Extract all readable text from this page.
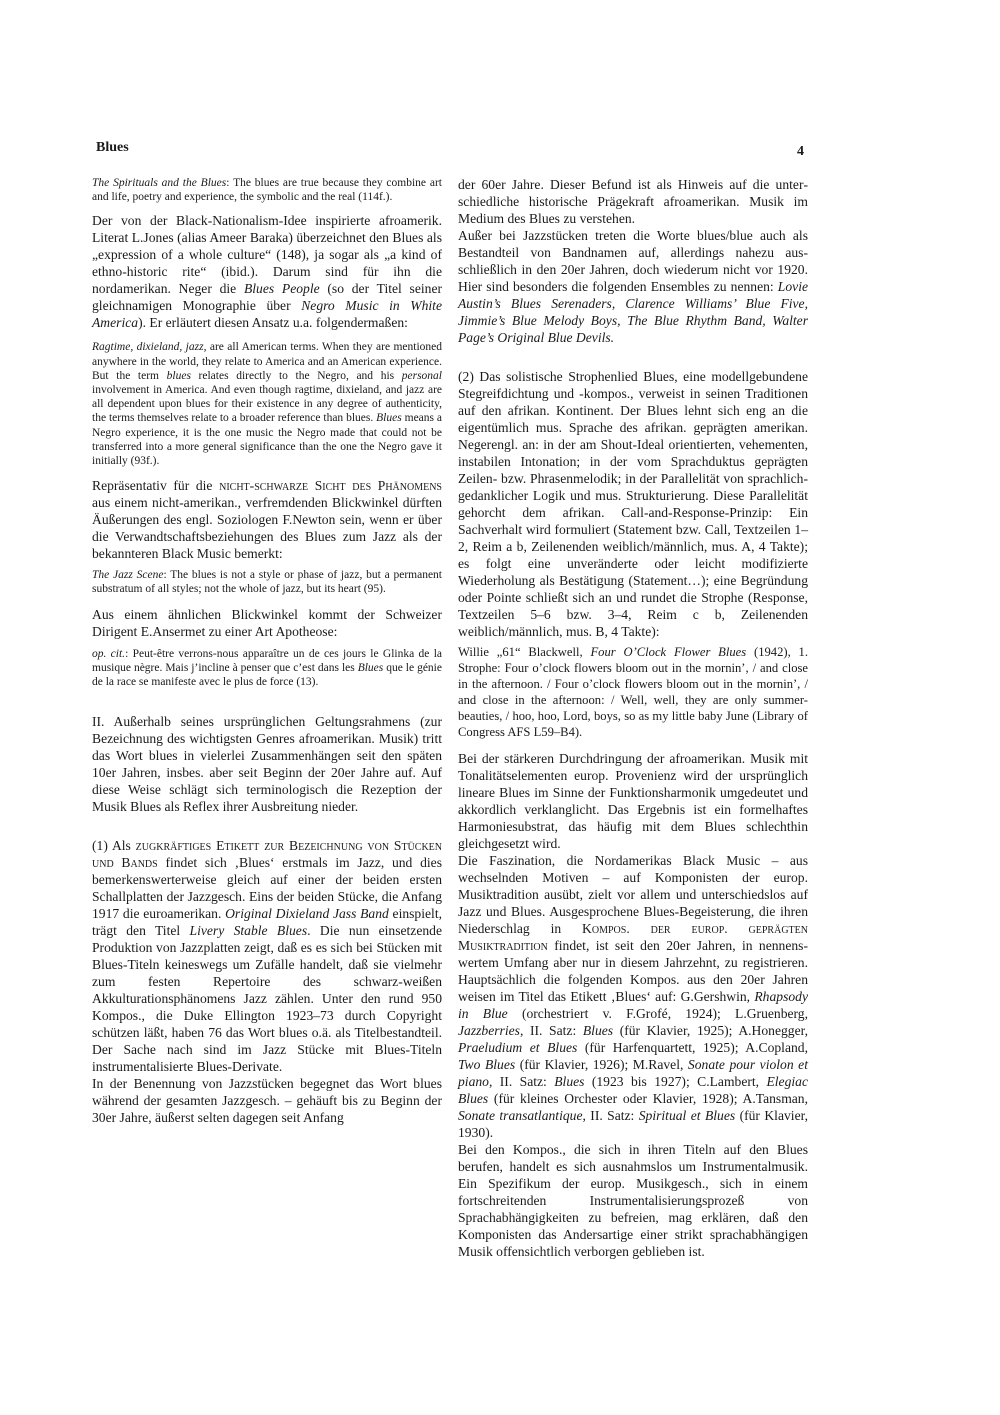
Blues	4

The Spirituals and the Blues: The blues are true because they combine art and life, poetry and experience, the symbolic and the real (114f.).

Der von der Black-Nationalism-Idee inspirierte afroamerik. Literat L.Jones (alias Ameer Baraka) überzeichnet den Blues als „expression of a whole culture“ (148), ja sogar als „a kind of ethno-historic rite“ (ibid.). Darum sind für ihn die nordamerikan. Neger die Blues People (so der Titel seiner gleichnamigen Monographie über Negro Music in White America). Er erläutert diesen Ansatz u.a. folgendermaßen:

Ragtime, dixieland, jazz, are all American terms. When they are mentioned anywhere in the world, they relate to America and an American experience. But the term blues relates directly to the Negro, and his personal involvement in America. And even though ragtime, dixieland, and jazz are all dependent upon blues for their existence in any degree of authenticity, the terms themselves relate to a broader reference than blues. Blues means a Negro experience, it is the one music the Negro made that could not be transferred into a more general significance than the one the Negro gave it initially (93f.).

Repräsentativ für die nicht-schwarze Sicht des Phänomens aus einem nicht-amerikan., verfremdenden Blickwinkel dürften Äußerungen des engl. Soziologen F.Newton sein, wenn er über die Verwandtschaftsbeziehungen des Blues zum Jazz als der bekannteren Black Music bemerkt:

The Jazz Scene: The blues is not a style or phase of jazz, but a permanent substratum of all styles; not the whole of jazz, but its heart (95).

Aus einem ähnlichen Blickwinkel kommt der Schweizer Dirigent E.Ansermet zu einer Art Apotheose:

op. cit.: Peut-être verrons-nous apparaître un de ces jours le Glinka de la musique nègre. Mais j’incline à penser que c’est dans les Blues que le génie de la race se manifeste avec le plus de force (13).

II. Außerhalb seines ursprünglichen Geltungsrahmens (zur Bezeichnung des wichtigsten Genres afroamerikan. Musik) tritt das Wort blues in vielerlei Zusammenhängen seit den späten 10er Jahren, insbes. aber seit Beginn der 20er Jahre auf. Auf diese Weise schlägt sich terminologisch die Rezeption der Musik Blues als Reflex ihrer Ausbreitung nieder.

(1) Als zugkräftiges Etikett zur Bezeichnung von Stücken und Bands findet sich ‚Blues‘ erstmals im Jazz, und dies bemerkenswerterweise gleich auf einer der beiden ersten Schallplatten der Jazzgesch. Eins der beiden Stücke, die Anfang 1917 die euroamerikan. Original Dixieland Jass Band einspielt, trägt den Titel Livery Stable Blues. Die nun einsetzende Produktion von Jazzplatten zeigt, daß es es sich bei Stücken mit Blues-Titeln keineswegs um Zufälle handelt, daß sie vielmehr zum festen Repertoire des schwarz-weißen Akkulturationsphänomens Jazz zählen. Unter den rund 950 Kompos., die Duke Ellington 1923–73 durch Copyright schützen läßt, haben 76 das Wort blues o.ä. als Titelbestandteil. Der Sache nach sind im Jazz Stücke mit Blues-Titeln instrumentalisierte Blues-Derivate.

In der Benennung von Jazzstücken begegnet das Wort blues während der gesamten Jazzgesch. – gehäuft bis zu Beginn der 30er Jahre, äußerst selten dagegen seit Anfang

der 60er Jahre. Dieser Befund ist als Hinweis auf die unterschiedliche historische Prägekraft afroamerikan. Musik im Medium des Blues zu verstehen.

Außer bei Jazzstücken treten die Worte blues/blue auch als Bestandteil von Bandnamen auf, allerdings nahezu ausschließlich in den 20er Jahren, doch wiederum nicht vor 1920. Hier sind besonders die folgenden Ensembles zu nennen: Lovie Austin’s Blues Serenaders, Clarence Williams’ Blue Five, Jimmie’s Blue Melody Boys, The Blue Rhythm Band, Walter Page’s Original Blue Devils.

(2) Das solistische Strophenlied Blues, eine modellgebundene Stegreifdichtung und -kompos., verweist in seinen Traditionen auf den afrikan. Kontinent. Der Blues lehnt sich eng an die eigentümlich mus. Sprache des afrikan. geprägten amerikan. Negerengl. an: in der am Shout-Ideal orientierten, vehementen, instabilen Intonation; in der vom Sprachduktus geprägten Zeilen- bzw. Phrasenmelodik; in der Parallelität von sprachlich-gedanklicher Logik und mus. Strukturierung. Diese Parallelität gehorcht dem afrikan. Call-and-Response-Prinzip: Ein Sachverhalt wird formuliert (Statement bzw. Call, Textzeilen 1–2, Reim a b, Zeilenenden weiblich/männlich, mus. A, 4 Takte); es folgt eine unveränderte oder leicht modifizierte Wiederholung als Bestätigung (Statement…); eine Begründung oder Pointe schließt sich an und rundet die Strophe (Response, Textzeilen 5–6 bzw. 3–4, Reim c b, Zeilenenden weiblich/männlich, mus. B, 4 Takte):

Willie „61“ Blackwell, Four O’Clock Flower Blues (1942), 1. Strophe: Four o’clock flowers bloom out in the mornin’, / and close in the afternoon. / Four o’clock flowers bloom out in the mornin’, / and close in the afternoon: / Well, well, they are only summer-beauties, / hoo, hoo, Lord, boys, so as my little baby June (Library of Congress AFS L59–B4).

Bei der stärkeren Durchdringung der afroamerikan. Musik mit Tonalitätselementen europ. Provenienz wird der ursprünglich lineare Blues im Sinne der Funktionsharmonik umgedeutet und akkordlich verklanglicht. Das Ergebnis ist ein formelhaftes Harmoniesubstrat, das häufig mit dem Blues schlechthin gleichgesetzt wird.

Die Faszination, die Nordamerikas Black Music – aus wechselnden Motiven – auf Komponisten der europ. Musiktradition ausübt, zielt vor allem und unterschiedslos auf Jazz und Blues. Ausgesprochene Blues-Begeisterung, die ihren Niederschlag in Kompos. der europ. geprägten Musiktradition findet, ist seit den 20er Jahren, in nennenswertem Umfang aber nur in diesem Jahrzehnt, zu registrieren. Hauptsächlich die folgenden Kompos. aus den 20er Jahren weisen im Titel das Etikett ‚Blues‘ auf: G.Gershwin, Rhapsody in Blue (orchestriert v. F.Grofé, 1924); L.Gruenberg, Jazzberries, II. Satz: Blues (für Klavier, 1925); A.Honegger, Praeludium et Blues (für Harfenquartett, 1925); A.Copland, Two Blues (für Klavier, 1926); M.Ravel, Sonate pour violon et piano, II. Satz: Blues (1923 bis 1927); C.Lambert, Elegiac Blues (für kleines Orchester oder Klavier, 1928); A.Tansman, Sonate transatlantique, II. Satz: Spiritual et Blues (für Klavier, 1930).

Bei den Kompos., die sich in ihren Titeln auf den Blues berufen, handelt es sich ausnahmslos um Instrumentalmusik. Ein Spezifikum der europ. Musikgesch., sich in einem fortschreitenden Instrumentalisierungsprozeß von Sprachabhängigkeiten zu befreien, mag erklären, daß den Komponisten das Andersartige einer strikt sprachabhängigen Musik offensichtlich verborgen geblieben ist.
